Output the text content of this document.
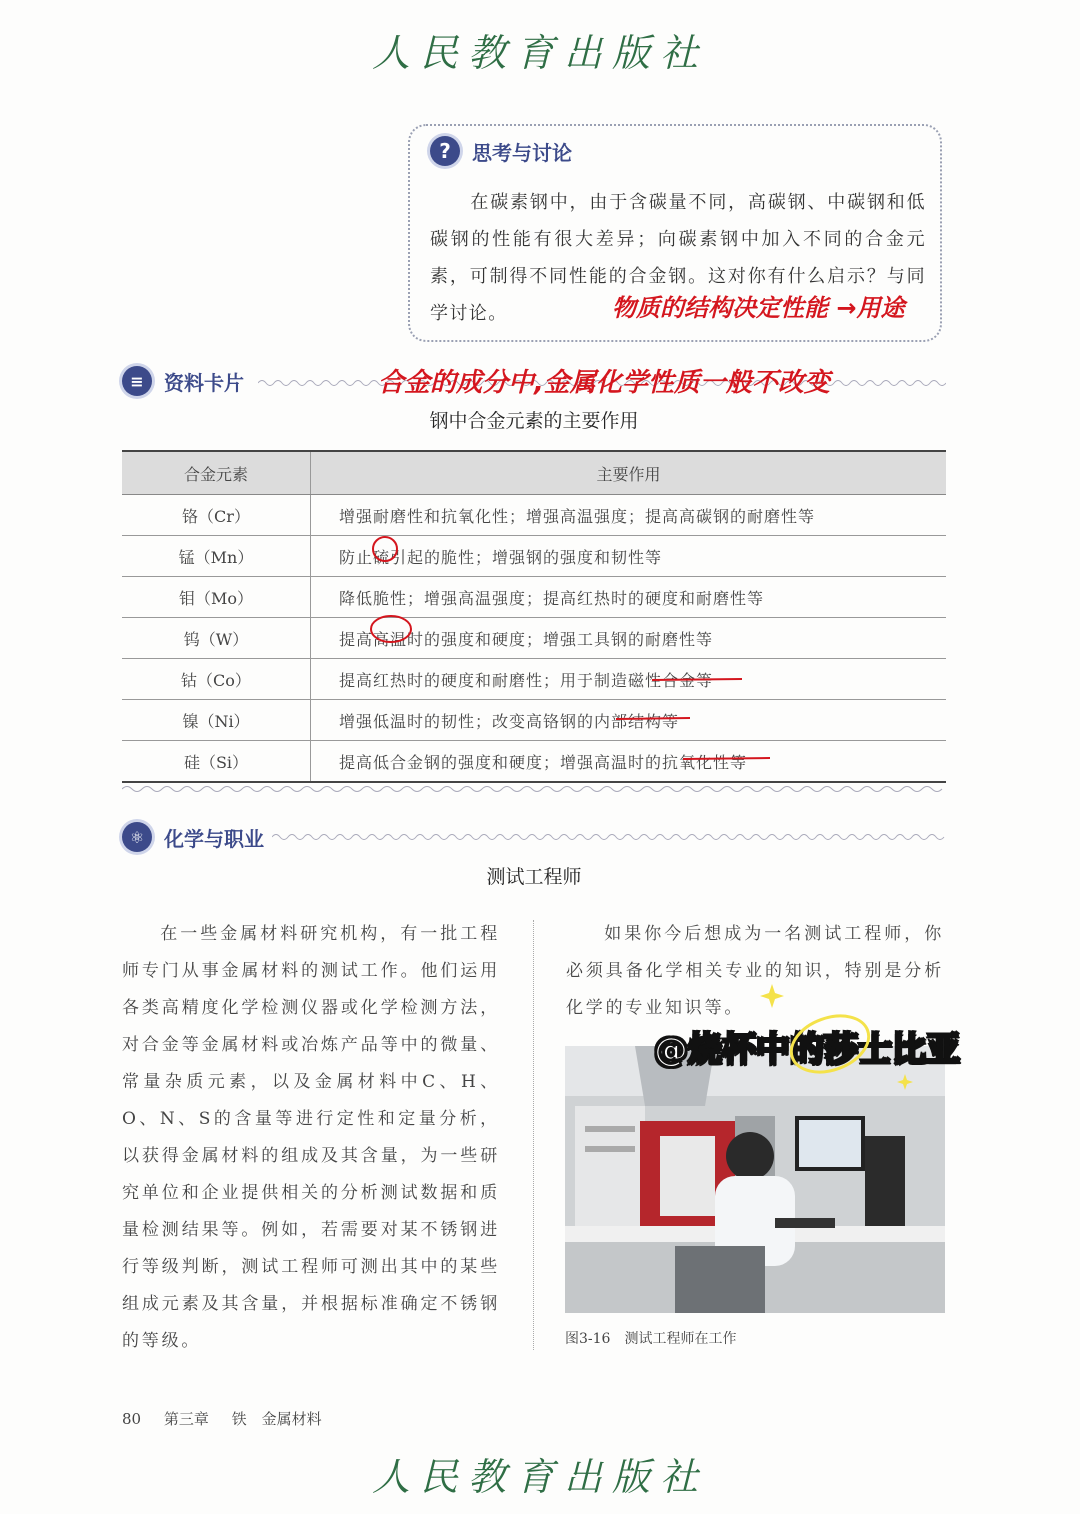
人民教育出版社
?	思考与讨论
在碳素钢中，由于含碳量不同，高碳钢、中碳钢和低碳钢的性能有很大差异；向碳素钢中加入不同的合金元素，可制得不同性能的合金钢。这对你有什么启示？与同学讨论。	物质的结构决定性能 →用途
≡	资料卡片	合金的成分中,金属化学性质一般不改变
钢中合金元素的主要作用
合金元素	主要作用
铬（Cr）	增强耐磨性和抗氧化性；增强高温强度；提高高碳钢的耐磨性等
锰（Mn）	防止硫引起的脆性；增强钢的强度和韧性等
钼（Mo）	降低脆性；增强高温强度；提高红热时的硬度和耐磨性等
钨（W）	提高高温时的强度和硬度；增强工具钢的耐磨性等
钴（Co）	提高红热时的硬度和耐磨性；用于制造磁性合金等
镍（Ni）	增强低温时的韧性；改变高铬钢的内部结构等
硅（Si）	提高低合金钢的强度和硬度；增强高温时的抗氧化性等
⚛ 化学与职业
测试工程师
在一些金属材料研究机构，有一批工程师专门从事金属材料的测试工作。他们运用各类高精度化学检测仪器或化学检测方法，对合金等金属材料或冶炼产品等中的微量、常量杂质元素，以及金属材料中C、H、O、N、S的含量等进行定性和定量分析，以获得金属材料的组成及其含量，为一些研究单位和企业提供相关的分析测试数据和质量检测结果等。例如，若需要对某不锈钢进行等级判断，测试工程师可测出其中的某些组成元素及其含量，并根据标准确定不锈钢的等级。
如果你今后想成为一名测试工程师，你必须具备化学相关专业的知识，特别是分析化学的专业知识等。
@烧杯中的莎士比亚
图3-16　测试工程师在工作
80 第三章 铁　金属材料
人民教育出版社
